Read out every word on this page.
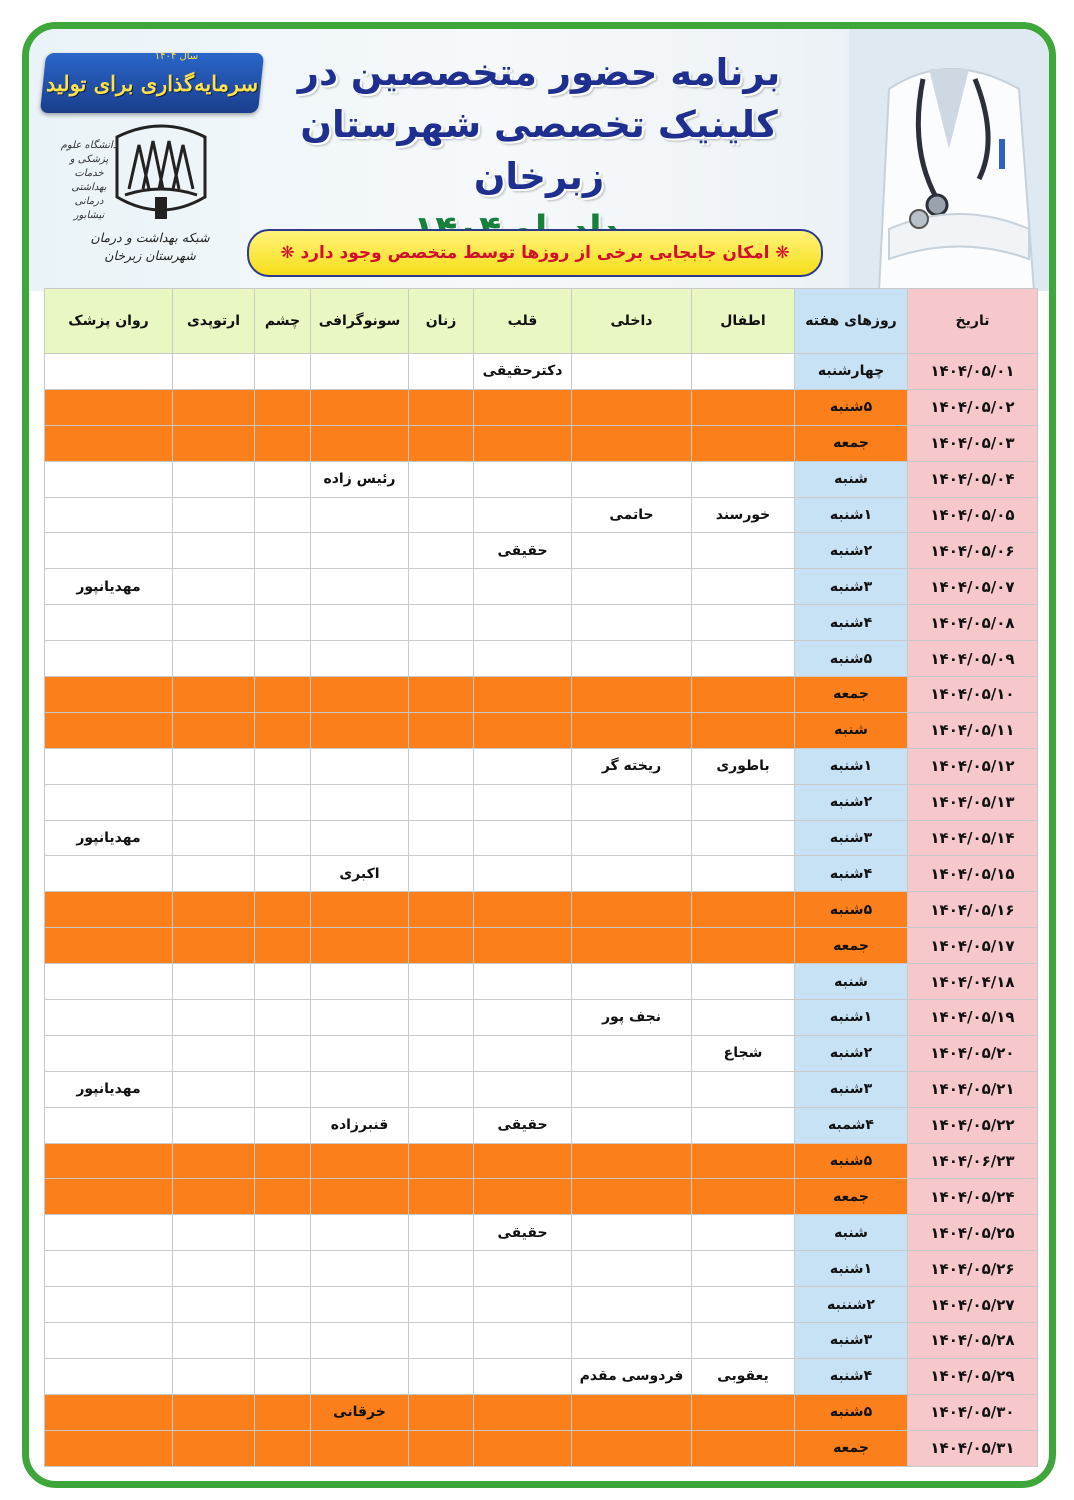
سال ۱۴۰۴
سرمایه‌گذاری برای تولید
دانشگاه علوم پزشکی و خدمات بهداشتی درمانی نیشابور
شبکه بهداشت و درمان شهرستان زبرخان
برنامه حضور متخصصین در
کلینیک تخصصی شهرستان زبرخان
❋ امکان جابجایی برخی از روزها توسط متخصص وجود دارد ❋
تاریخ	روزهای هفته	اطفال	داخلی	قلب	زنان	سونوگرافی	چشم	ارتوپدی	روان پزشک
۱۴۰۴/۰۵/۰۱	چهارشنبه			دکترحقیقی					
۱۴۰۴/۰۵/۰۲	۵شنبه								
۱۴۰۴/۰۵/۰۳	جمعه								
۱۴۰۴/۰۵/۰۴	شنبه					رئیس زاده			
۱۴۰۴/۰۵/۰۵	۱شنبه	خورسند	حاتمی						
۱۴۰۴/۰۵/۰۶	۲شنبه			حقیقی					
۱۴۰۴/۰۵/۰۷	۳شنبه								مهدیانپور
۱۴۰۴/۰۵/۰۸	۴شنبه								
۱۴۰۴/۰۵/۰۹	۵شنبه								
۱۴۰۴/۰۵/۱۰	جمعه								
۱۴۰۴/۰۵/۱۱	شنبه								
۱۴۰۴/۰۵/۱۲	۱شنبه	باطوری	ریخته گر						
۱۴۰۴/۰۵/۱۳	۲شنبه								
۱۴۰۴/۰۵/۱۴	۳شنبه								مهدیانپور
۱۴۰۴/۰۵/۱۵	۴شنبه					اکبری			
۱۴۰۴/۰۵/۱۶	۵شنبه								
۱۴۰۴/۰۵/۱۷	جمعه								
۱۴۰۴/۰۴/۱۸	شنبه								
۱۴۰۴/۰۵/۱۹	۱شنبه		نجف پور						
۱۴۰۴/۰۵/۲۰	۲شنبه	شجاع							
۱۴۰۴/۰۵/۲۱	۳شنبه								مهدیانپور
۱۴۰۴/۰۵/۲۲	۴شمبه			حقیقی		قنبرزاده			
۱۴۰۴/۰۶/۲۳	۵شنبه								
۱۴۰۴/۰۵/۲۴	جمعه								
۱۴۰۴/۰۵/۲۵	شنبه			حقیقی					
۱۴۰۴/۰۵/۲۶	۱شنبه								
۱۴۰۴/۰۵/۲۷	۲شننبه								
۱۴۰۴/۰۵/۲۸	۳شنبه								
۱۴۰۴/۰۵/۲۹	۴شنبه	یعقوبی	فردوسی مقدم						
۱۴۰۴/۰۵/۳۰	۵شنبه					خرقانی			
۱۴۰۴/۰۵/۳۱	جمعه								
